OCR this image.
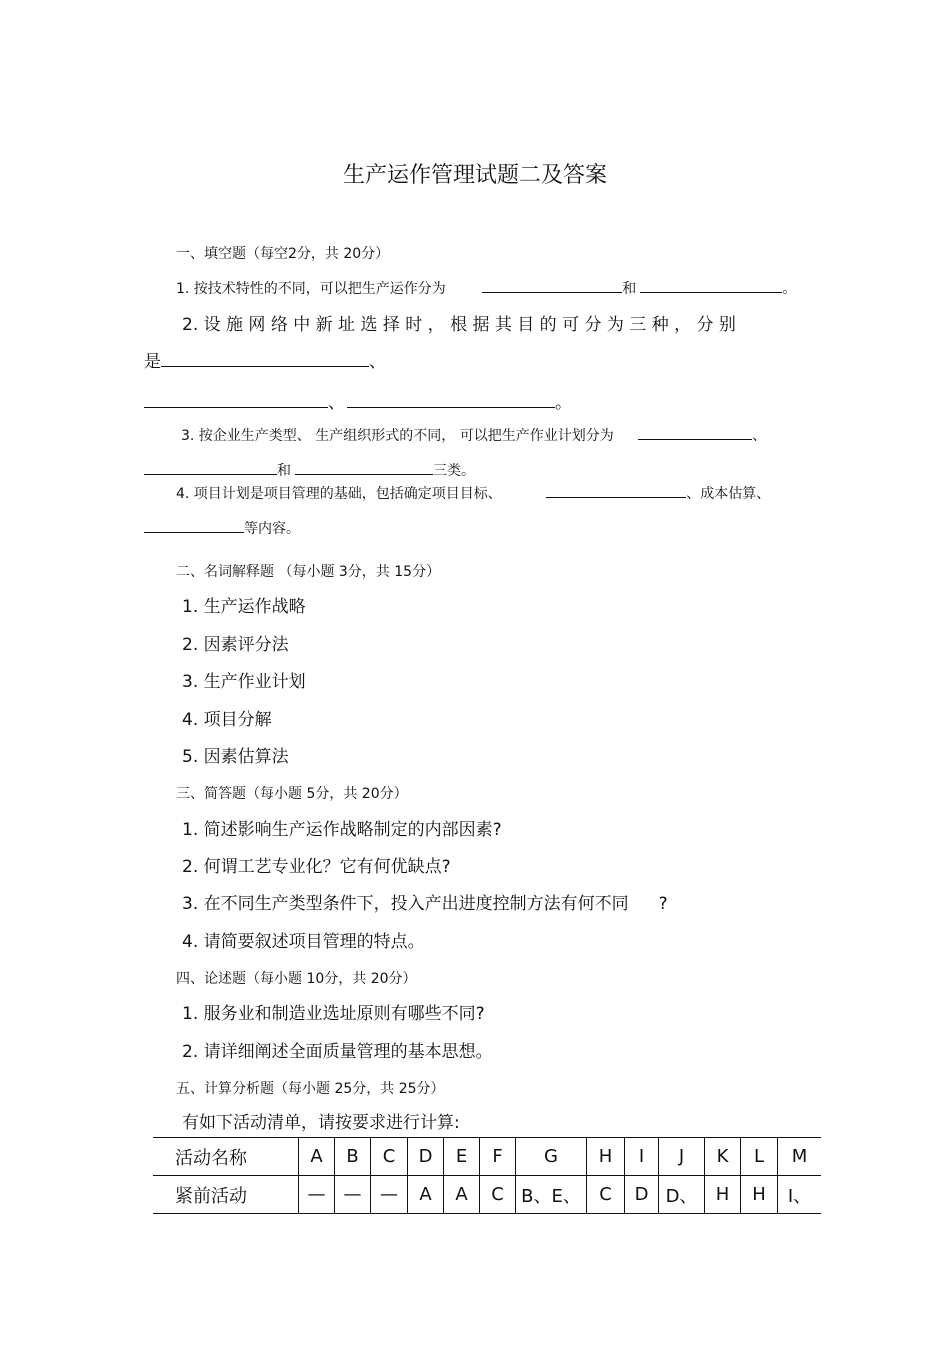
生产运作管理试题二及答案
一、填空题（每空2分，共 20分）
1. 按技术特性的不同，可以把生产运作分为	和	。
2. 设 施 网 络 中 新 址 选 择 时 ， 根 据 其 目 的 可 分 为 三 种 ， 分 别
是	、
、	。
3. 按企业生产类型、 生产组织形式的不同， 可以把生产作业计划分为	、
和	三类。
4. 项目计划是项目管理的基础，包括确定项目目标、	、成本估算、
等内容。
二、名词解释题 （每小题 3分，共 15分）
1. 生产运作战略
2. 因素评分法
3. 生产作业计划
4. 项目分解
5. 因素估算法
三、简答题（每小题 5分，共 20分）
1. 简述影响生产运作战略制定的内部因素?
2. 何谓工艺专业化？它有何优缺点?
3. 在不同生产类型条件下，投入产出进度控制方法有何不同 ?
4. 请简要叙述项目管理的特点。
四、论述题（每小题 10分，共 20分）
1. 服务业和制造业选址原则有哪些不同?
2. 请详细阐述全面质量管理的基本思想。
五、计算分析题（每小题 25分，共 25分）
有如下活动清单，请按要求进行计算:
活动名称	A	B	C	D	E	F	G	H	I	J	K	L	M
紧前活动	—	—	—	A	A	C	B、E、	C	D	D、	H	H	I、
